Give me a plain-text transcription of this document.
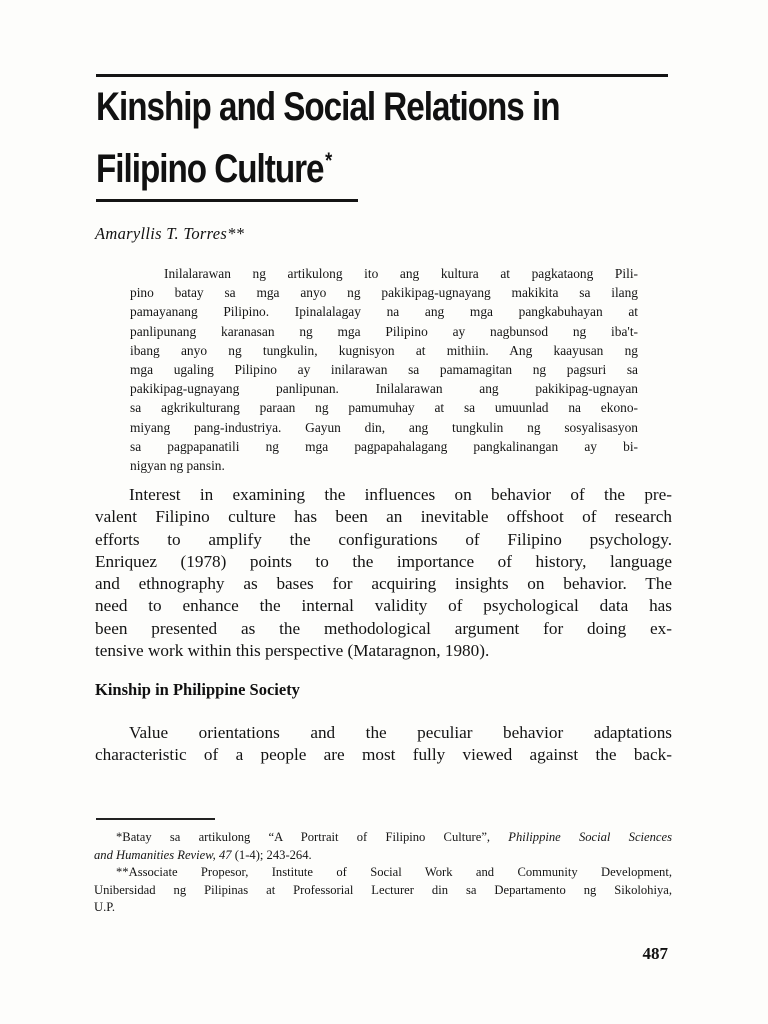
Kinship and Social Relations in
Filipino Culture*
Amaryllis T. Torres**
Inilalarawan ng artikulong ito ang kultura at pagkataong Pili-
pino batay sa mga anyo ng pakikipag-ugnayang makikita sa ilang
pamayanang Pilipino. Ipinalalagay na ang mga pangkabuhayan at
panlipunang karanasan ng mga Pilipino ay nagbunsod ng iba't-
ibang anyo ng tungkulin, kugnisyon at mithiin. Ang kaayusan ng
mga ugaling Pilipino ay inilarawan sa pamamagitan ng pagsuri sa
pakikipag-ugnayang panlipunan. Inilalarawan ang pakikipag-ugnayan
sa agkrikulturang paraan ng pamumuhay at sa umuunlad na ekono-
miyang pang-industriya. Gayun din, ang tungkulin ng sosyalisasyon
sa pagpapanatili ng mga pagpapahalagang pangkalinangan ay bi-
nigyan ng pansin.
Interest in examining the influences on behavior of the pre-
valent Filipino culture has been an inevitable offshoot of research
efforts to amplify the configurations of Filipino psychology.
Enriquez (1978) points to the importance of history, language
and ethnography as bases for acquiring insights on behavior. The
need to enhance the internal validity of psychological data has
been presented as the methodological argument for doing ex-
tensive work within this perspective (Mataragnon, 1980).
Kinship in Philippine Society
Value orientations and the peculiar behavior adaptations
characteristic of a people are most fully viewed against the back-
*Batay sa artikulong “A Portrait of Filipino Culture”, Philippine Social Sciences
and Humanities Review, 47 (1-4); 243-264.
**Associate Propesor, Institute of Social Work and Community Development,
Unibersidad ng Pilipinas at Professorial Lecturer din sa Departamento ng Sikolohiya,
U.P.
487
